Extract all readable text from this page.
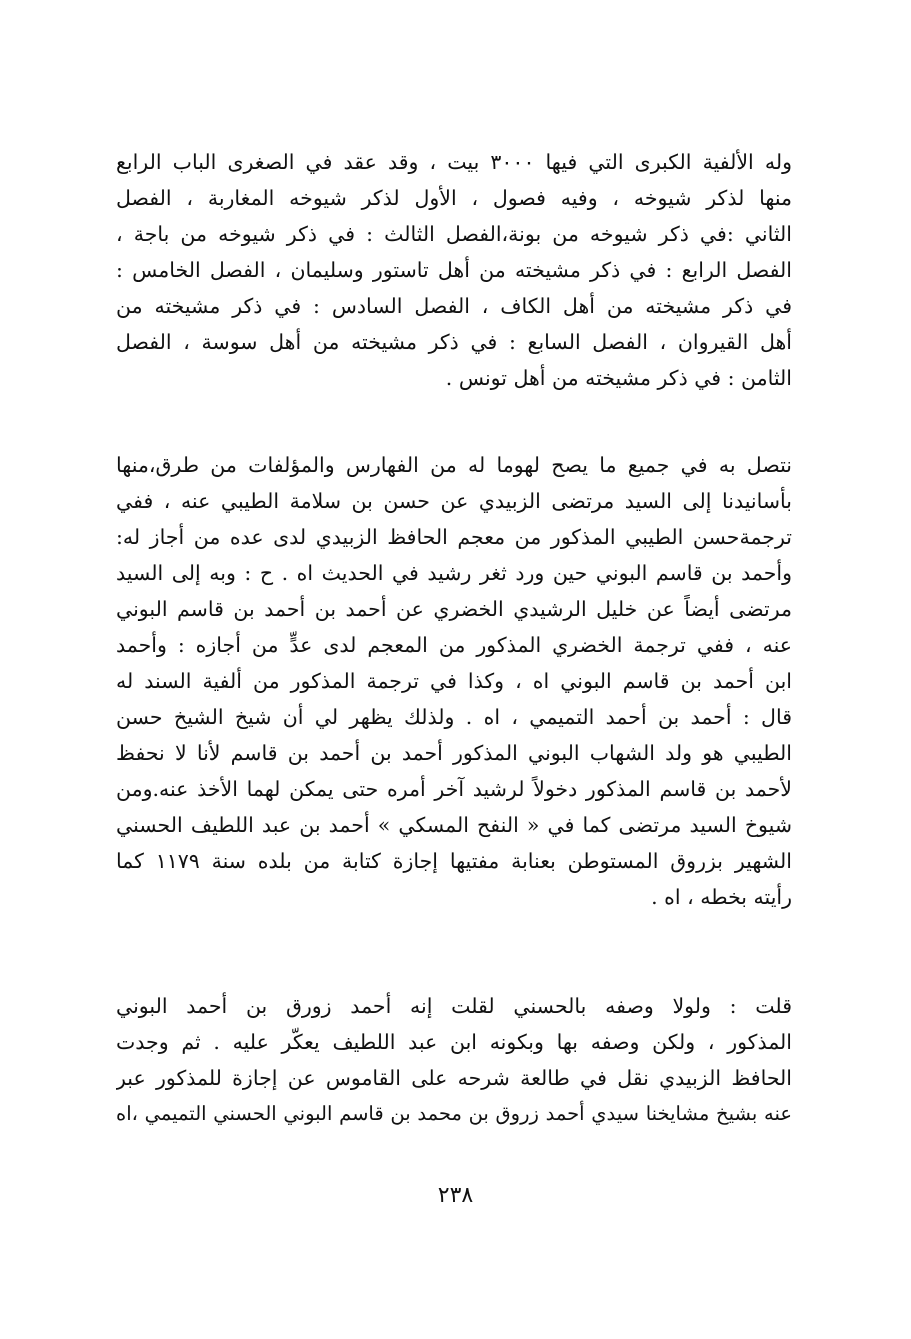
وله الألفية الكبرى التي فيها ٣٠٠٠ بيت ، وقد عقد في الصغرى الباب الرابع
منها لذكر شيوخه ، وفيه فصول ، الأول لذكر شيوخه المغاربة ، الفصل
الثاني :في ذكر شيوخه من بونة،الفصل الثالث : في ذكر شيوخه من باجة ،
الفصل الرابع : في ذكر مشيخته من أهل تاستور وسليمان ، الفصل الخامس :
في ذكر مشيخته من أهل الكاف ، الفصل السادس : في ذكر مشيخته من
أهل القيروان ، الفصل السابع : في ذكر مشيخته من أهل سوسة ، الفصل
الثامن : في ذكر مشيخته من أهل تونس .
نتصل به في جميع ما يصح لهوما له من الفهارس والمؤلفات من طرق،منها
بأسانيدنا إلى السيد مرتضى الزبيدي عن حسن بن سلامة الطيبي عنه ، ففي
ترجمةحسن الطيبي المذكور من معجم الحافظ الزبيدي لدى عده من أجاز له:
وأحمد بن قاسم البوني حين ورد ثغر رشيد في الحديث اه . ح : وبه إلى السيد
مرتضى أيضاً عن خليل الرشيدي الخضري عن أحمد بن أحمد بن قاسم البوني
عنه ، ففي ترجمة الخضري المذكور من المعجم لدى عدٍّ من أجازه : وأحمد
ابن أحمد بن قاسم البوني اه ، وكذا في ترجمة المذكور من ألفية السند له
قال : أحمد بن أحمد التميمي ، اه . ولذلك يظهر لي أن شيخ الشيخ حسن
الطيبي هو ولد الشهاب البوني المذكور أحمد بن أحمد بن قاسم لأنا لا نحفظ
لأحمد بن قاسم المذكور دخولاً لرشيد آخر أمره حتى يمكن لهما الأخذ عنه.ومن
شيوخ السيد مرتضى كما في « النفح المسكي » أحمد بن عبد اللطيف الحسني
الشهير بزروق المستوطن بعنابة مفتيها إجازة كتابة من بلده سنة ١١٧٩ كما
رأيته بخطه ، اه .
قلت : ولولا وصفه بالحسني لقلت إنه أحمد زورق بن أحمد البوني
المذكور ، ولكن وصفه بها وبكونه ابن عبد اللطيف يعكّر عليه . ثم وجدت
الحافظ الزبيدي نقل في طالعة شرحه على القاموس عن إجازة للمذكور عبر
عنه بشيخ مشايخنا سيدي أحمد زروق بن محمد بن قاسم البوني الحسني التميمي ،اه
٢٣٨
